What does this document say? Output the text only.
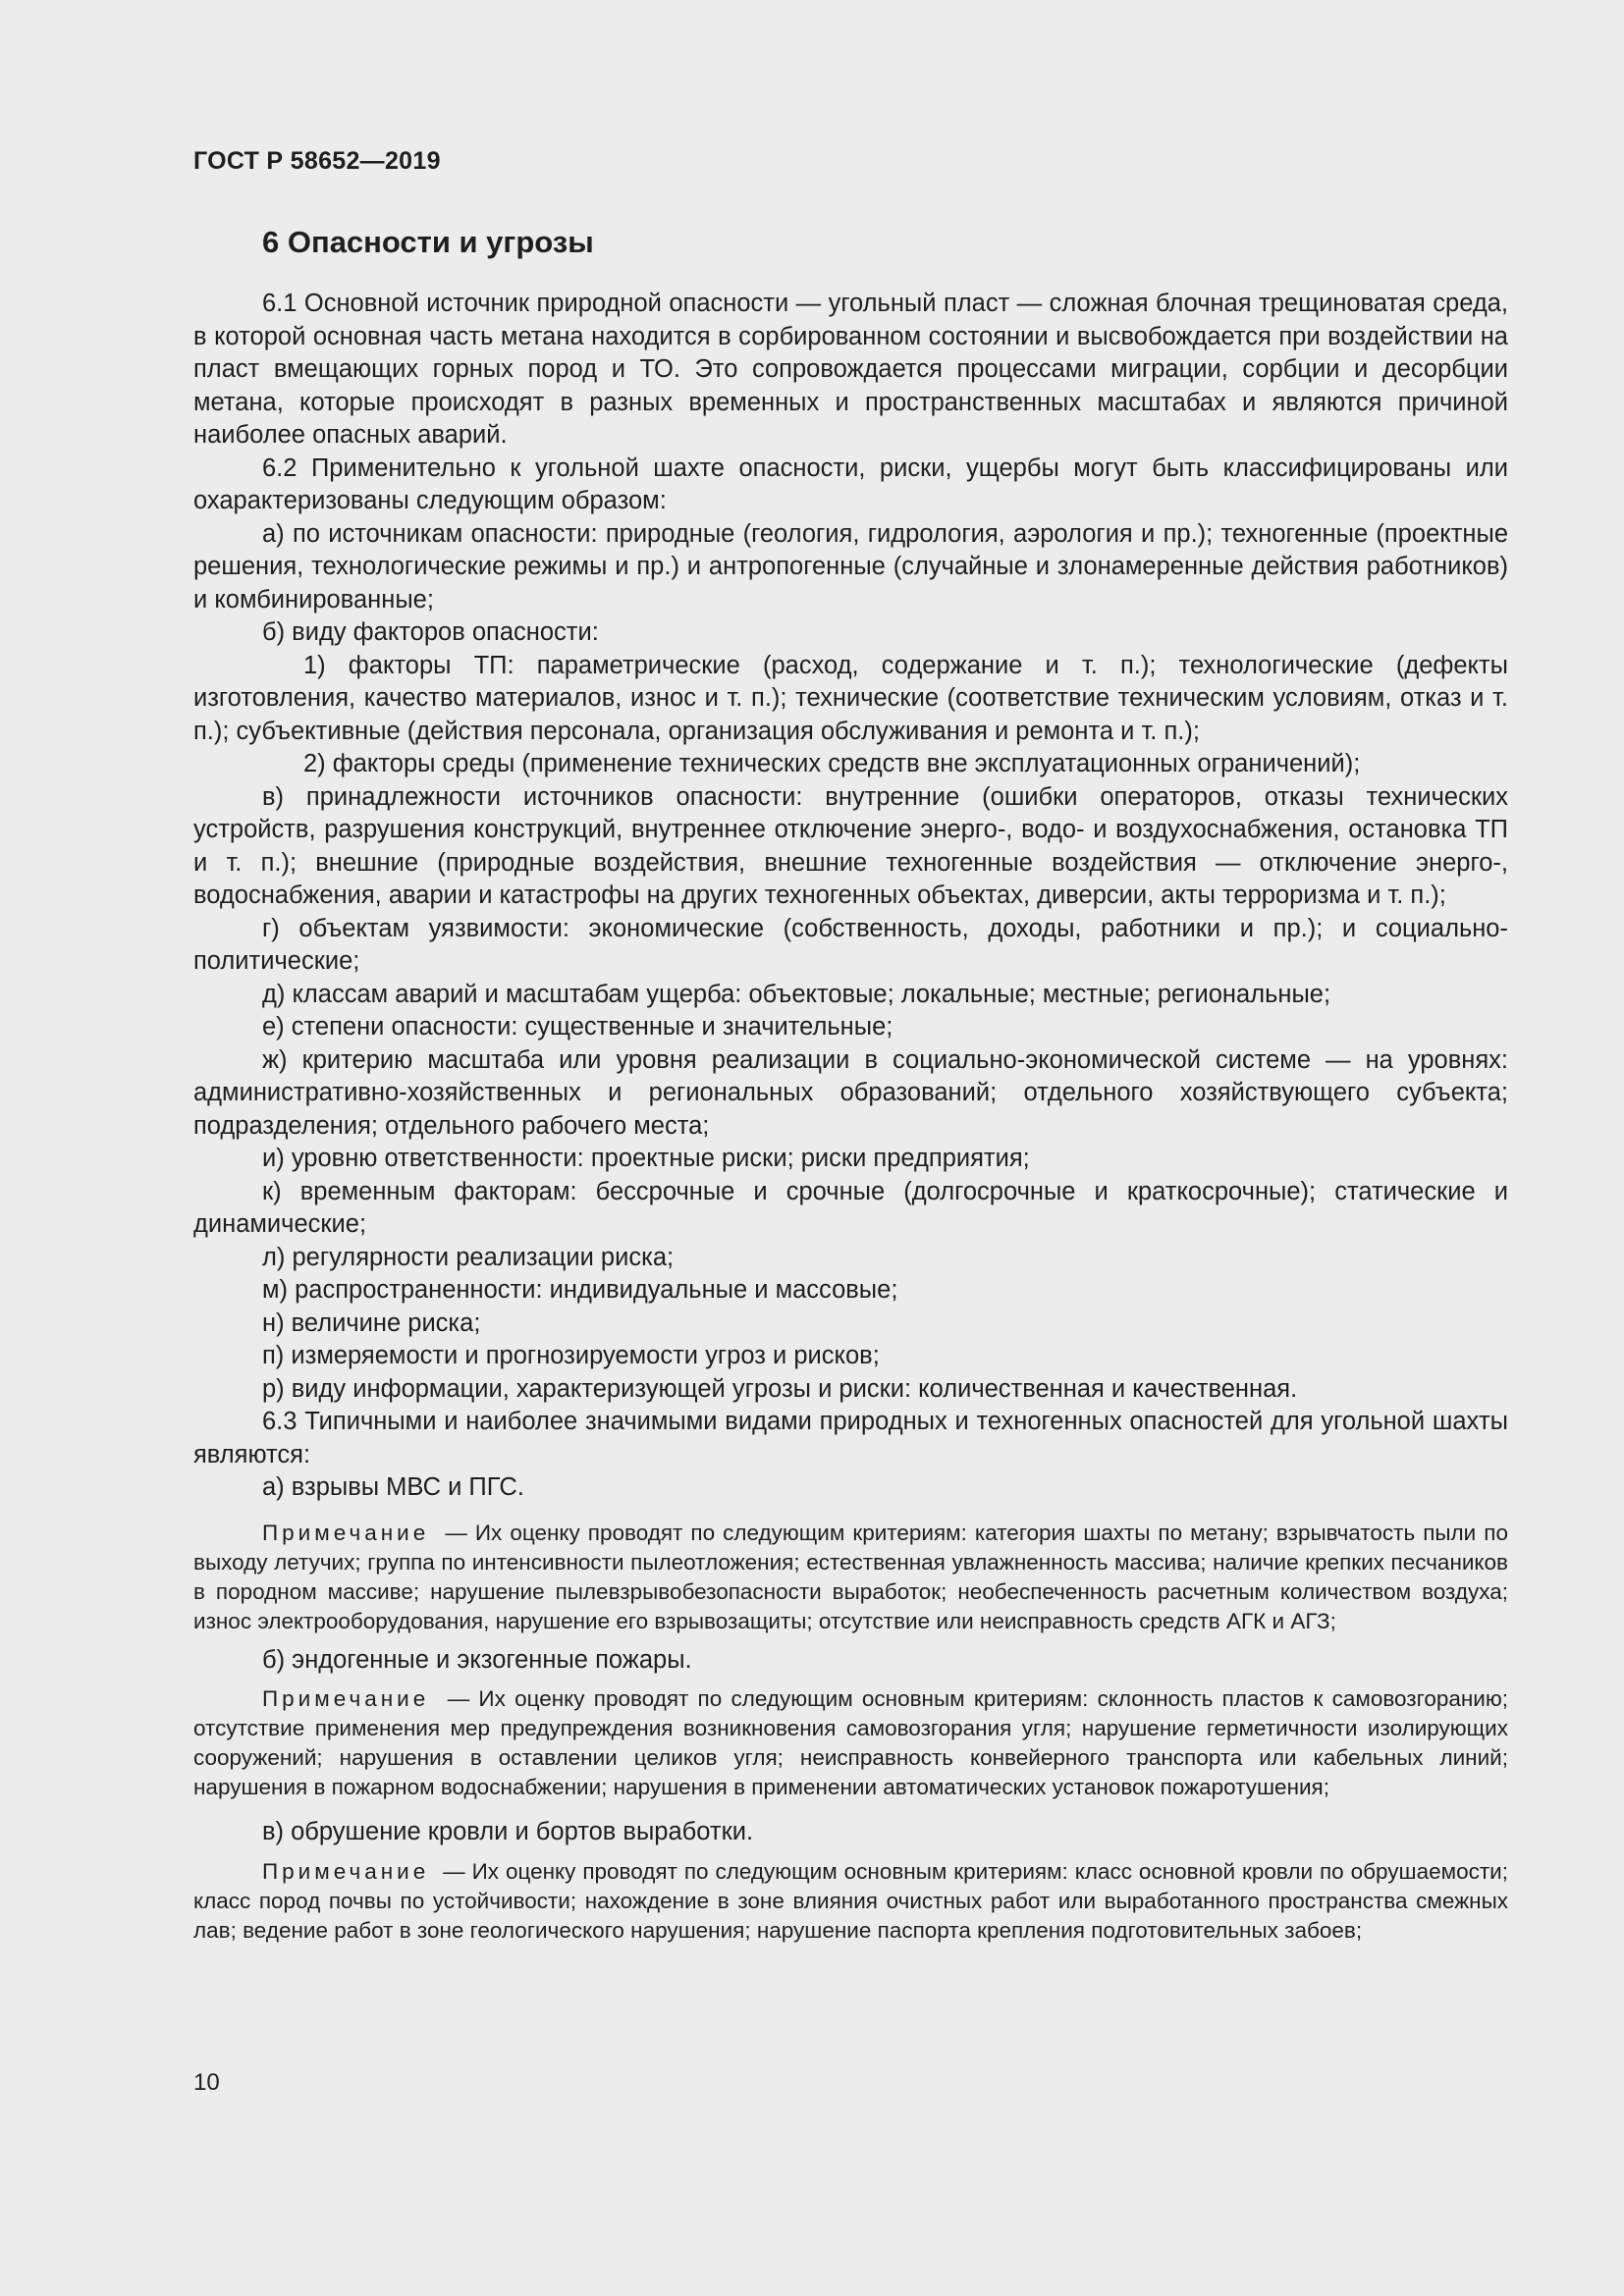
ГОСТ Р 58652—2019
6 Опасности и угрозы

6.1 Основной источник природной опасности — угольный пласт — сложная блочная трещиноватая среда, в которой основная часть метана находится в сорбированном состоянии и высвобождается при воздействии на пласт вмещающих горных пород и ТО. Это сопровождается процессами миграции, сорбции и десорбции метана, которые происходят в разных временных и пространственных масштабах и являются причиной наиболее опасных аварий.

6.2 Применительно к угольной шахте опасности, риски, ущербы могут быть классифицированы или охарактеризованы следующим образом:

а) по источникам опасности: природные (геология, гидрология, аэрология и пр.); техногенные (проектные решения, технологические режимы и пр.) и антропогенные (случайные и злонамеренные действия работников) и комбинированные;

б) виду факторов опасности:

1) факторы ТП: параметрические (расход, содержание и т. п.); технологические (дефекты изготовления, качество материалов, износ и т. п.); технические (соответствие техническим условиям, отказ и т. п.); субъективные (действия персонала, организация обслуживания и ремонта и т. п.);

2) факторы среды (применение технических средств вне эксплуатационных ограничений);

в) принадлежности источников опасности: внутренние (ошибки операторов, отказы технических устройств, разрушения конструкций, внутреннее отключение энерго-, водо- и воздухоснабжения, остановка ТП и т. п.); внешние (природные воздействия, внешние техногенные воздействия — отключение энерго-, водоснабжения, аварии и катастрофы на других техногенных объектах, диверсии, акты терроризма и т. п.);

г) объектам уязвимости: экономические (собственность, доходы, работники и пр.); и социально-политические;

д) классам аварий и масштабам ущерба: объектовые; локальные; местные; региональные;

е) степени опасности: существенные и значительные;

ж) критерию масштаба или уровня реализации в социально-экономической системе — на уровнях: административно-хозяйственных и региональных образований; отдельного хозяйствующего субъекта; подразделения; отдельного рабочего места;

и) уровню ответственности: проектные риски; риски предприятия;

к) временным факторам: бессрочные и срочные (долгосрочные и краткосрочные); статические и динамические;

л) регулярности реализации риска;

м) распространенности: индивидуальные и массовые;

н) величине риска;

п) измеряемости и прогнозируемости угроз и рисков;

р) виду информации, характеризующей угрозы и риски: количественная и качественная.

6.3 Типичными и наиболее значимыми видами природных и техногенных опасностей для угольной шахты являются:

а) взрывы МВС и ПГС.

Примечание — Их оценку проводят по следующим критериям: категория шахты по метану; взрывчатость пыли по выходу летучих; группа по интенсивности пылеотложения; естественная увлажненность массива; наличие крепких песчаников в породном массиве; нарушение пылевзрывобезопасности выработок; необеспеченность расчетным количеством воздуха; износ электрооборудования, нарушение его взрывозащиты; отсутствие или неисправность средств АГК и АГЗ;

б) эндогенные и экзогенные пожары.

Примечание — Их оценку проводят по следующим основным критериям: склонность пластов к самовозгоранию; отсутствие применения мер предупреждения возникновения самовозгорания угля; нарушение герметичности изолирующих сооружений; нарушения в оставлении целиков угля; неисправность конвейерного транспорта или кабельных линий; нарушения в пожарном водоснабжении; нарушения в применении автоматических установок пожаротушения;

в) обрушение кровли и бортов выработки.

Примечание — Их оценку проводят по следующим основным критериям: класс основной кровли по обрушаемости; класс пород почвы по устойчивости; нахождение в зоне влияния очистных работ или выработанного пространства смежных лав; ведение работ в зоне геологического нарушения; нарушение паспорта крепления подготовительных забоев;

10
